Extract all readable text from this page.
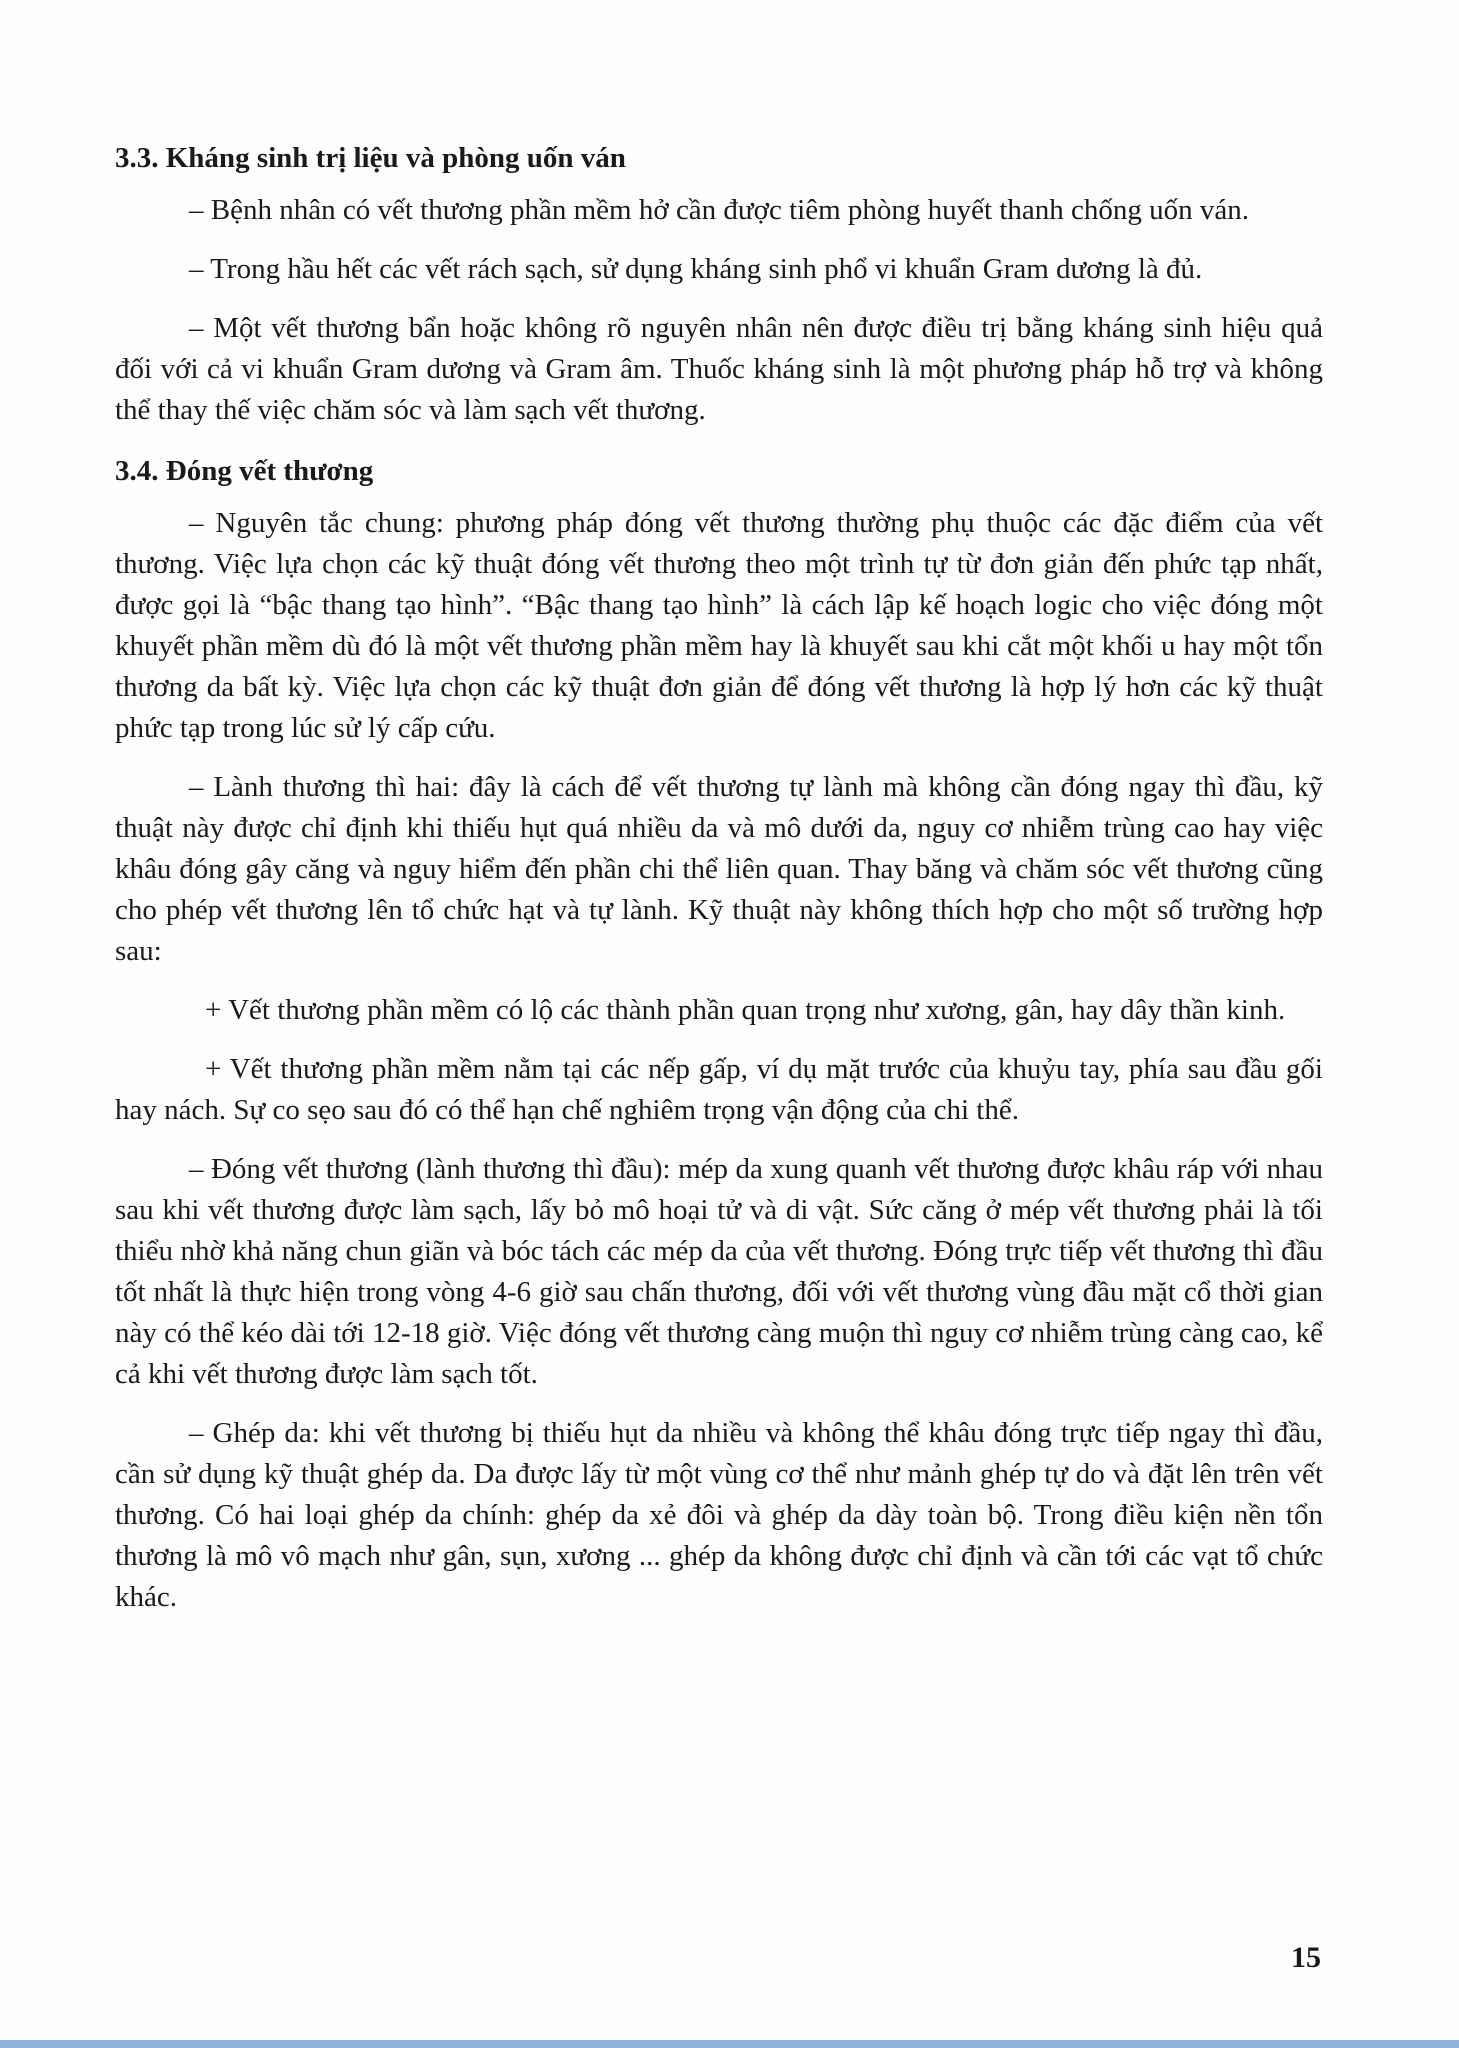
3.3. Kháng sinh trị liệu và phòng uốn ván

– Bệnh nhân có vết thương phần mềm hở cần được tiêm phòng huyết thanh chống uốn ván.

– Trong hầu hết các vết rách sạch, sử dụng kháng sinh phổ vi khuẩn Gram dương là đủ.

– Một vết thương bẩn hoặc không rõ nguyên nhân nên được điều trị bằng kháng sinh hiệu quả đối với cả vi khuẩn Gram dương và Gram âm. Thuốc kháng sinh là một phương pháp hỗ trợ và không thể thay thế việc chăm sóc và làm sạch vết thương.

3.4. Đóng vết thương

– Nguyên tắc chung: phương pháp đóng vết thương thường phụ thuộc các đặc điểm của vết thương. Việc lựa chọn các kỹ thuật đóng vết thương theo một trình tự từ đơn giản đến phức tạp nhất, được gọi là “bậc thang tạo hình”. “Bậc thang tạo hình” là cách lập kế hoạch logic cho việc đóng một khuyết phần mềm dù đó là một vết thương phần mềm hay là khuyết sau khi cắt một khối u hay một tổn thương da bất kỳ. Việc lựa chọn các kỹ thuật đơn giản để đóng vết thương là hợp lý hơn các kỹ thuật phức tạp trong lúc sử lý cấp cứu.

– Lành thương thì hai: đây là cách để vết thương tự lành mà không cần đóng ngay thì đầu, kỹ thuật này được chỉ định khi thiếu hụt quá nhiều da và mô dưới da, nguy cơ nhiễm trùng cao hay việc khâu đóng gây căng và nguy hiểm đến phần chi thể liên quan. Thay băng và chăm sóc vết thương cũng cho phép vết thương lên tổ chức hạt và tự lành. Kỹ thuật này không thích hợp cho một số trường hợp sau:

+ Vết thương phần mềm có lộ các thành phần quan trọng như xương, gân, hay dây thần kinh.

+ Vết thương phần mềm nằm tại các nếp gấp, ví dụ mặt trước của khuỷu tay, phía sau đầu gối hay nách. Sự co sẹo sau đó có thể hạn chế nghiêm trọng vận động của chi thể.

– Đóng vết thương (lành thương thì đầu): mép da xung quanh vết thương được khâu ráp với nhau sau khi vết thương được làm sạch, lấy bỏ mô hoại tử và di vật. Sức căng ở mép vết thương phải là tối thiểu nhờ khả năng chun giãn và bóc tách các mép da của vết thương. Đóng trực tiếp vết thương thì đầu tốt nhất là thực hiện trong vòng 4-6 giờ sau chấn thương, đối với vết thương vùng đầu mặt cổ thời gian này có thể kéo dài tới 12-18 giờ. Việc đóng vết thương càng muộn thì nguy cơ nhiễm trùng càng cao, kể cả khi vết thương được làm sạch tốt.

– Ghép da: khi vết thương bị thiếu hụt da nhiều và không thể khâu đóng trực tiếp ngay thì đầu, cần sử dụng kỹ thuật ghép da. Da được lấy từ một vùng cơ thể như mảnh ghép tự do và đặt lên trên vết thương. Có hai loại ghép da chính: ghép da xẻ đôi và ghép da dày toàn bộ. Trong điều kiện nền tổn thương là mô vô mạch như gân, sụn, xương ... ghép da không được chỉ định và cần tới các vạt tổ chức khác.

15
